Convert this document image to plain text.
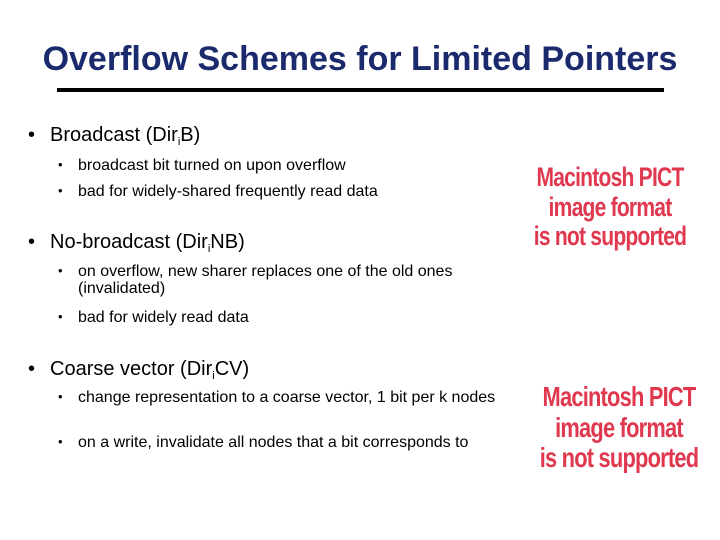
Overflow Schemes for Limited Pointers
• Broadcast (Dir$_i$B)
• broadcast bit turned on upon overflow
• bad for widely-shared frequently read data
• No-broadcast (Dir$_i$NB)
• on overflow, new sharer replaces one of the old ones (invalidated)
• bad for widely read data
• Coarse vector (Dir$_i$CV)
• change representation to a coarse vector, 1 bit per k nodes
• on a write, invalidate all nodes that a bit corresponds to
Macintosh PICT
image format
is not supported
Macintosh PICT
image format
is not supported
